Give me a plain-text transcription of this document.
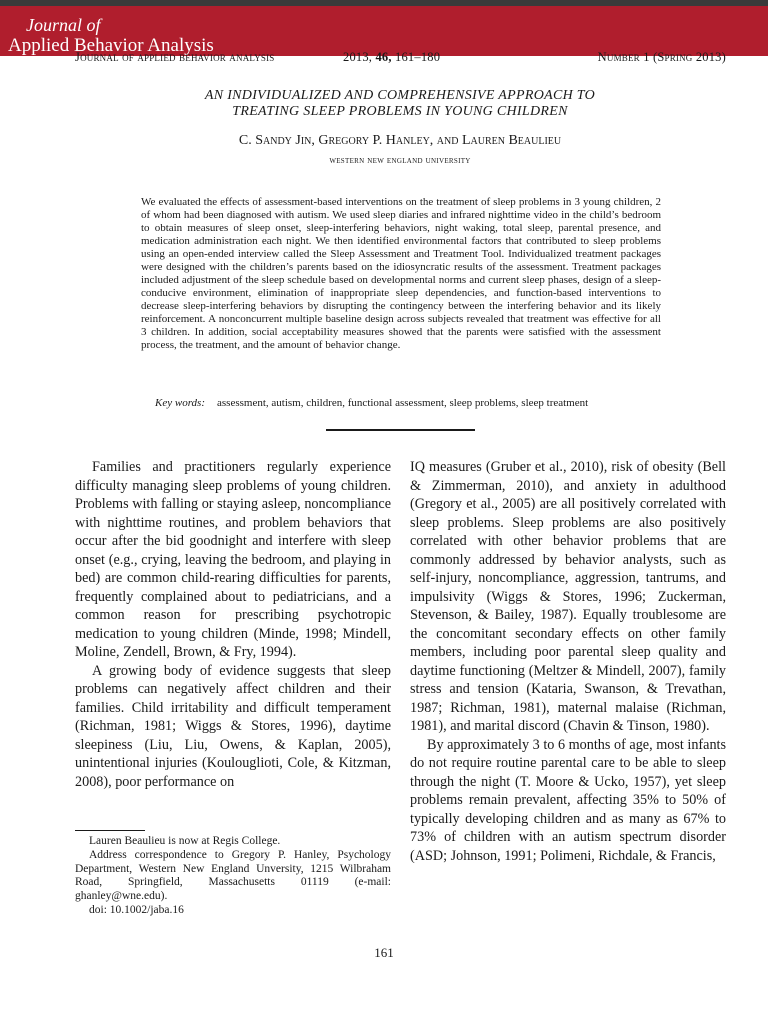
Journal of
Applied Behavior Analysis
Journal of applied behavior analysis	2013, 46, 161–180	Number 1 (Spring 2013)
AN INDIVIDUALIZED AND COMPREHENSIVE APPROACH TO
TREATING SLEEP PROBLEMS IN YOUNG CHILDREN
C. Sandy Jin, Gregory P. Hanley, and Lauren Beaulieu
western new england university
We evaluated the effects of assessment-based interventions on the treatment of sleep problems in 3 young children, 2 of whom had been diagnosed with autism. We used sleep diaries and infrared nighttime video in the child’s bedroom to obtain measures of sleep onset, sleep-interfering behaviors, night waking, total sleep, parental presence, and medication administration each night. We then identified environmental factors that contributed to sleep problems using an open-ended interview called the Sleep Assessment and Treatment Tool. Individualized treatment packages were designed with the children’s parents based on the idiosyncratic results of the assessment. Treatment packages included adjustment of the sleep schedule based on developmental norms and current sleep phases, design of a sleep-conducive environment, elimination of inappropriate sleep dependencies, and function-based interventions to decrease sleep-interfering behaviors by disrupting the contingency between the interfering behavior and its likely reinforcement. A nonconcurrent multiple baseline design across subjects revealed that treatment was effective for all 3 children. In addition, social acceptability measures showed that the parents were satisfied with the assessment process, the treatment, and the amount of behavior change.
Key words: assessment, autism, children, functional assessment, sleep problems, sleep treatment

Families and practitioners regularly experience difficulty managing sleep problems of young children. Problems with falling or staying asleep, noncompliance with nighttime routines, and problem behaviors that occur after the bid goodnight and interfere with sleep onset (e.g., crying, leaving the bedroom, and playing in bed) are common child-rearing difficulties for parents, frequently complained about to pediatricians, and a common reason for prescribing psychotropic medication to young children (Minde, 1998; Mindell, Moline, Zendell, Brown, & Fry, 1994).

A growing body of evidence suggests that sleep problems can negatively affect children and their families. Child irritability and difficult temperament (Richman, 1981; Wiggs & Stores, 1996), daytime sleepiness (Liu, Liu, Owens, & Kaplan, 2005), unintentional injuries (Koulouglioti, Cole, & Kitzman, 2008), poor performance on

IQ measures (Gruber et al., 2010), risk of obesity (Bell & Zimmerman, 2010), and anxiety in adulthood (Gregory et al., 2005) are all positively correlated with sleep problems. Sleep problems are also positively correlated with other behavior problems that are commonly addressed by behavior analysts, such as self-injury, noncompliance, aggression, tantrums, and impulsivity (Wiggs & Stores, 1996; Zuckerman, Stevenson, & Bailey, 1987). Equally troublesome are the concomitant secondary effects on other family members, including poor parental sleep quality and daytime functioning (Meltzer & Mindell, 2007), family stress and tension (Kataria, Swanson, & Trevathan, 1987; Richman, 1981), maternal malaise (Richman, 1981), and marital discord (Chavin & Tinson, 1980).

By approximately 3 to 6 months of age, most infants do not require routine parental care to be able to sleep through the night (T. Moore & Ucko, 1957), yet sleep problems remain prevalent, affecting 35% to 50% of typically developing children and as many as 67% to 73% of children with an autism spectrum disorder (ASD; Johnson, 1991; Polimeni, Richdale, & Francis,

Lauren Beaulieu is now at Regis College.

Address correspondence to Gregory P. Hanley, Psychology Department, Western New England Unversity, 1215 Wilbraham Road, Springfield, Massachusetts 01119 (e-mail: ghanley@wne.edu).

doi: 10.1002/jaba.16

161
